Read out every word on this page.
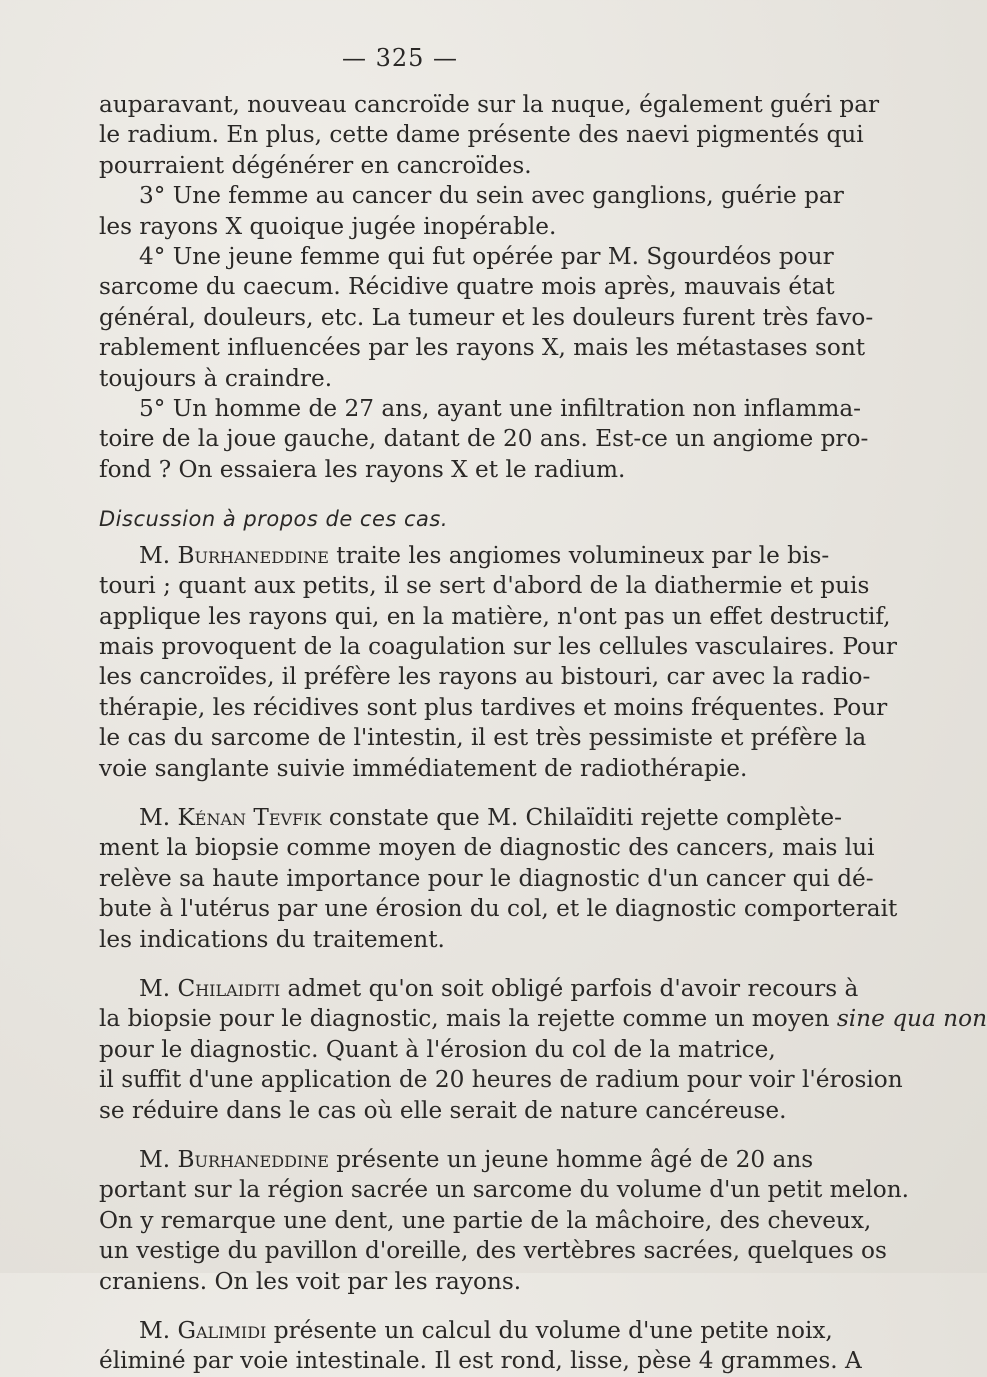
— 325 —
auparavant, nouveau cancroïde sur la nuque, également guéri par
le radium. En plus, cette dame présente des naevi pigmentés qui
pourraient dégénérer en cancroïdes.
3° Une femme au cancer du sein avec ganglions, guérie par
les rayons X quoique jugée inopérable.
4° Une jeune femme qui fut opérée par M. Sgourdéos pour
sarcome du caecum. Récidive quatre mois après, mauvais état
général, douleurs, etc. La tumeur et les douleurs furent très favo-
rablement influencées par les rayons X, mais les métastases sont
toujours à craindre.
5° Un homme de 27 ans, ayant une infiltration non inflamma-
toire de la joue gauche, datant de 20 ans. Est-ce un angiome pro-
fond ? On essaiera les rayons X et le radium.
Discussion à propos de ces cas.
M. Burhaneddine traite les angiomes volumineux par le bis-
touri ; quant aux petits, il se sert d'abord de la diathermie et puis
applique les rayons qui, en la matière, n'ont pas un effet destructif,
mais provoquent de la coagulation sur les cellules vasculaires. Pour
les cancroïdes, il préfère les rayons au bistouri, car avec la radio-
thérapie, les récidives sont plus tardives et moins fréquentes. Pour
le cas du sarcome de l'intestin, il est très pessimiste et préfère la
voie sanglante suivie immédiatement de radiothérapie.
M. Kénan Tevfik constate que M. Chilaïditi rejette complète-
ment la biopsie comme moyen de diagnostic des cancers, mais lui
relève sa haute importance pour le diagnostic d'un cancer qui dé-
bute à l'utérus par une érosion du col, et le diagnostic comporterait
les indications du traitement.
M. Chilaiditi admet qu'on soit obligé parfois d'avoir recours à
la biopsie pour le diagnostic, mais la rejette comme un moyen sine qua non
pour le diagnostic. Quant à l'érosion du col de la matrice,
il suffit d'une application de 20 heures de radium pour voir l'érosion
se réduire dans le cas où elle serait de nature cancéreuse.
M. Burhaneddine présente un jeune homme âgé de 20 ans
portant sur la région sacrée un sarcome du volume d'un petit melon.
On y remarque une dent, une partie de la mâchoire, des cheveux,
un vestige du pavillon d'oreille, des vertèbres sacrées, quelques os
craniens. On les voit par les rayons.
M. Galimidi présente un calcul du volume d'une petite noix,
éliminé par voie intestinale. Il est rond, lisse, pèse 4 grammes. A
